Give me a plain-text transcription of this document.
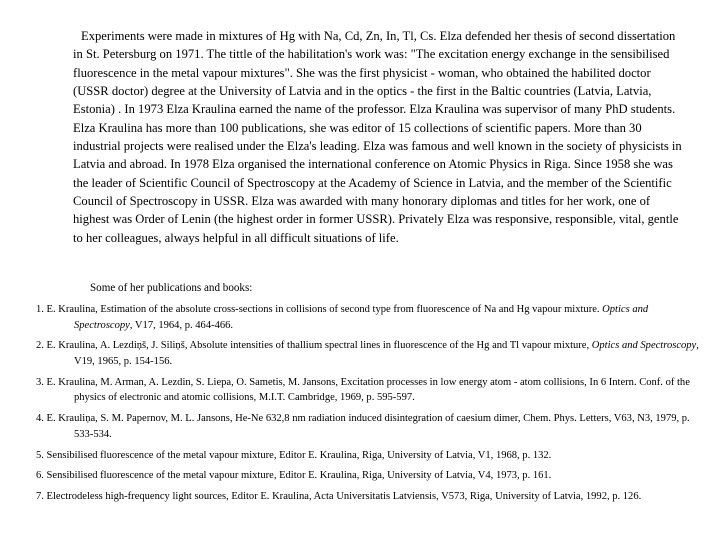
Experiments were made in mixtures of Hg with Na, Cd, Zn, In, Tl, Cs. Elza defended her thesis of second dissertation in St. Petersburg on 1971. The tittle of the habilitation's work was: "The excitation energy exchange in the sensibilised fluorescence in the metal vapour mixtures". She was the first physicist - woman, who obtained the habilited doctor (USSR doctor) degree at the University of Latvia and in the optics - the first in the Baltic countries (Latvia, Latvia, Estonia) . In 1973 Elza Kraulina earned the name of the professor. Elza Kraulina was supervisor of many PhD students. Elza Kraulina has more than 100 publications, she was editor of 15 collections of scientific papers. More than 30 industrial projects were realised under the Elza's leading. Elza was famous and well known in the society of physicists in Latvia and abroad. In 1978 Elza organised the international conference on Atomic Physics in Riga. Since 1958 she was the leader of Scientific Council of Spectroscopy at the Academy of Science in Latvia, and the member of the Scientific Council of Spectroscopy in USSR. Elza was awarded with many honorary diplomas and titles for her work, one of highest was Order of Lenin (the highest order in former USSR). Privately Elza was responsive, responsible, vital, gentle to her colleagues, always helpful in all difficult situations of life.

Some of her publications and books:

1. E. Kraulina, Estimation of the absolute cross-sections in collisions of second type from fluorescence of Na and Hg vapour mixture. Optics and Spectroscopy, V17, 1964, p. 464-466.
2. E. Kraulina, A. Lezdiņš, J. Siliņš, Absolute intensities of thallium spectral lines in fluorescence of the Hg and Tl vapour mixture, Optics and Spectroscopy, V19, 1965, p. 154-156.
3. E. Kraulina, M. Arman, A. Lezdin, S. Liepa, O. Sametis, M. Jansons, Excitation processes in low energy atom - atom collisions, In 6 Intern. Conf. of the physics of electronic and atomic collisions, M.I.T. Cambridge, 1969, p. 595-597.
4. E. Krauliņa, S. M. Papernov, M. L. Jansons, He-Ne 632,8 nm radiation induced disintegration of caesium dimer, Chem. Phys. Letters, V63, N3, 1979, p. 533-534.
5. Sensibilised fluorescence of the metal vapour mixture, Editor E. Kraulina, Riga, University of Latvia, V1, 1968, p. 132.
6. Sensibilised fluorescence of the metal vapour mixture, Editor E. Kraulina, Riga, University of Latvia, V4, 1973, p. 161.
7. Electrodeless high-frequency light sources, Editor E. Kraulina, Acta Universitatis Latviensis, V573, Riga, University of Latvia, 1992, p. 126.
